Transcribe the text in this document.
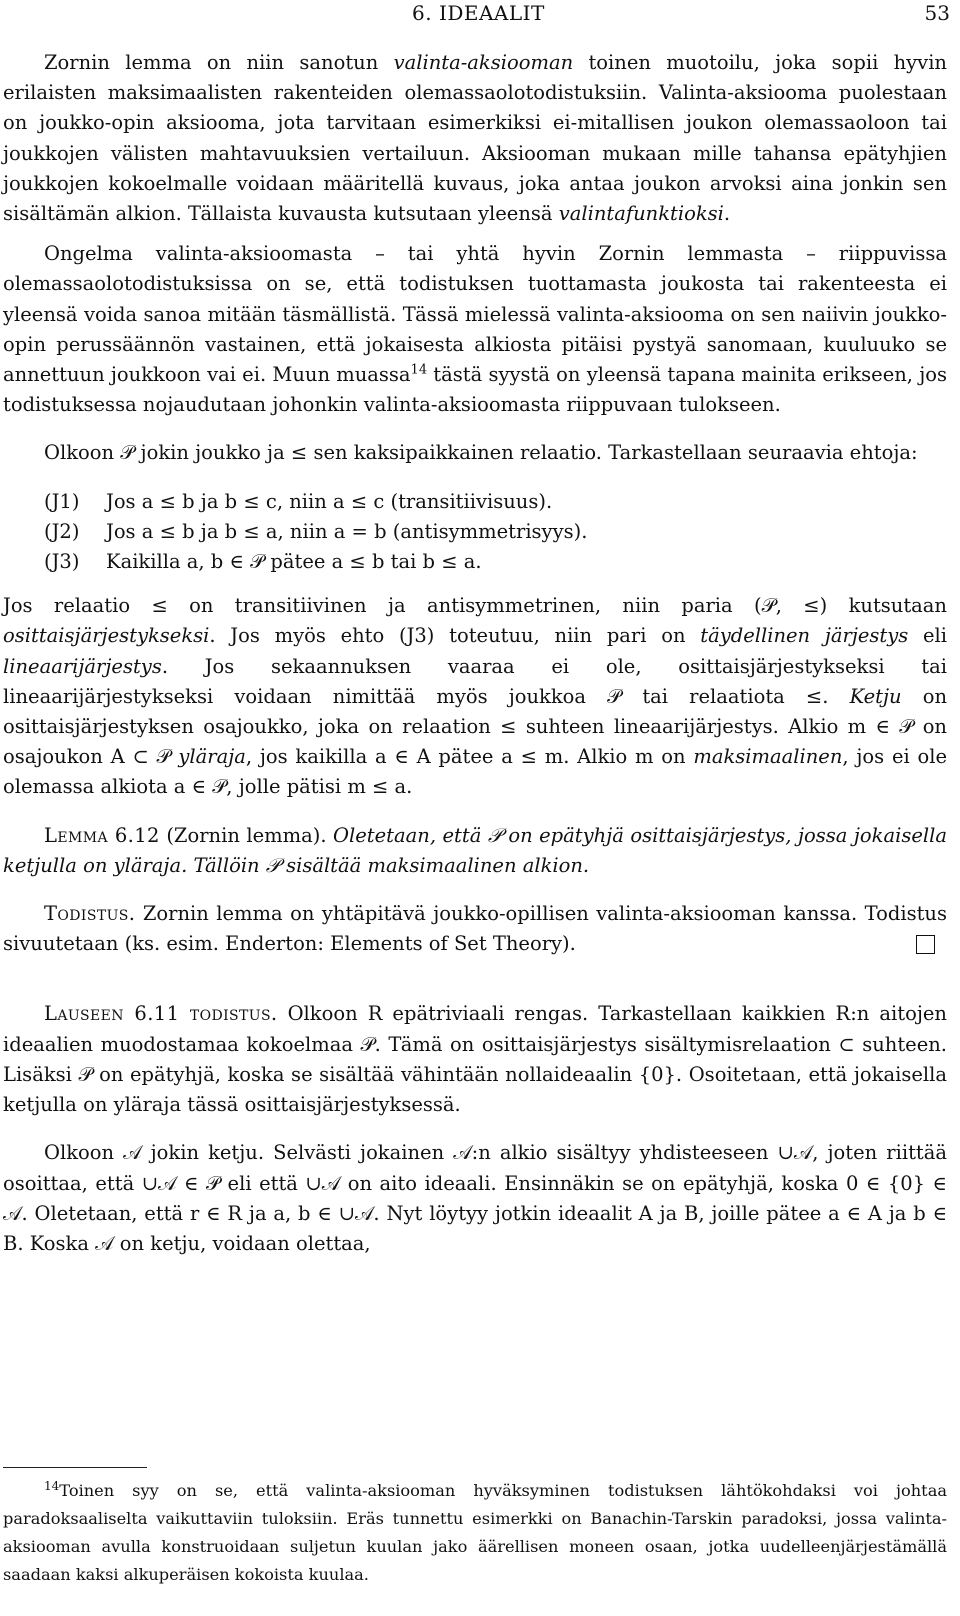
6. IDEAALIT	53

Zornin lemma on niin sanotun valinta-aksiooman toinen muotoilu, joka sopii hyvin erilaisten maksimaalisten rakenteiden olemassaolotodistuksiin. Valinta-aksiooma puolestaan on joukko-opin aksiooma, jota tarvitaan esimerkiksi ei-mitallisen joukon olemassaoloon tai joukkojen välisten mahtavuuksien vertailuun. Aksiooman mukaan mille tahansa epätyhjien joukkojen kokoelmalle voidaan määritellä kuvaus, joka antaa joukon arvoksi aina jonkin sen sisältämän alkion. Tällaista kuvausta kutsutaan yleensä valintafunktioksi.

Ongelma valinta-aksioomasta – tai yhtä hyvin Zornin lemmasta – riippuvissa olemassaolotodistuksissa on se, että todistuksen tuottamasta joukosta tai rakenteesta ei yleensä voida sanoa mitään täsmällistä. Tässä mielessä valinta-aksiooma on sen naiivin joukko-opin perussäännön vastainen, että jokaisesta alkiosta pitäisi pystyä sanomaan, kuuluuko se annettuun joukkoon vai ei. Muun muassa$^{14}$ tästä syystä on yleensä tapana mainita erikseen, jos todistuksessa nojaudutaan johonkin valinta-aksioomasta riippuvaan tulokseen.

Olkoon 𝒫 jokin joukko ja ≤ sen kaksipaikkainen relaatio. Tarkastellaan seuraavia ehtoja:

(J1) Jos a ≤ b ja b ≤ c, niin a ≤ c (transitiivisuus).

(J2) Jos a ≤ b ja b ≤ a, niin a = b (antisymmetrisyys).

(J3) Kaikilla a, b ∈ 𝒫 pätee a ≤ b tai b ≤ a.

Jos relaatio ≤ on transitiivinen ja antisymmetrinen, niin paria (𝒫, ≤) kutsutaan osittaisjärjestykseksi. Jos myös ehto (J3) toteutuu, niin pari on täydellinen järjestys eli lineaarijärjestys. Jos sekaannuksen vaaraa ei ole, osittaisjärjestykseksi tai lineaarijärjestykseksi voidaan nimittää myös joukkoa 𝒫 tai relaatiota ≤. Ketju on osittaisjärjestyksen osajoukko, joka on relaation ≤ suhteen lineaarijärjestys. Alkio m ∈ 𝒫 on osajoukon A ⊂ 𝒫 yläraja, jos kaikilla a ∈ A pätee a ≤ m. Alkio m on maksimaalinen, jos ei ole olemassa alkiota a ∈ 𝒫, jolle pätisi m ≤ a.

Lemma 6.12 (Zornin lemma). Oletetaan, että 𝒫 on epätyhjä osittaisjärjestys, jossa jokaisella ketjulla on yläraja. Tällöin 𝒫 sisältää maksimaalinen alkion.

Todistus. Zornin lemma on yhtäpitävä joukko-opillisen valinta-aksiooman kanssa. Todistus sivuutetaan (ks. esim. Enderton: Elements of Set Theory).

Lauseen 6.11 todistus. Olkoon R epätriviaali rengas. Tarkastellaan kaikkien R:n aitojen ideaalien muodostamaa kokoelmaa 𝒫. Tämä on osittaisjärjestys sisältymisrelaation ⊂ suhteen. Lisäksi 𝒫 on epätyhjä, koska se sisältää vähintään nollaideaalin {0}. Osoitetaan, että jokaisella ketjulla on yläraja tässä osittaisjärjestyksessä.

Olkoon 𝒜 jokin ketju. Selvästi jokainen 𝒜:n alkio sisältyy yhdisteeseen ∪𝒜, joten riittää osoittaa, että ∪𝒜 ∈ 𝒫 eli että ∪𝒜 on aito ideaali. Ensinnäkin se on epätyhjä, koska 0 ∈ {0} ∈ 𝒜. Oletetaan, että r ∈ R ja a, b ∈ ∪𝒜. Nyt löytyy jotkin ideaalit A ja B, joille pätee a ∈ A ja b ∈ B. Koska 𝒜 on ketju, voidaan olettaa,

$^{14}$Toinen syy on se, että valinta-aksiooman hyväksyminen todistuksen lähtökohdaksi voi johtaa paradoksaaliselta vaikuttaviin tuloksiin. Eräs tunnettu esimerkki on Banachin-Tarskin paradoksi, jossa valinta-aksiooman avulla konstruoidaan suljetun kuulan jako äärellisen moneen osaan, jotka uudelleenjärjestämällä saadaan kaksi alkuperäisen kokoista kuulaa.
